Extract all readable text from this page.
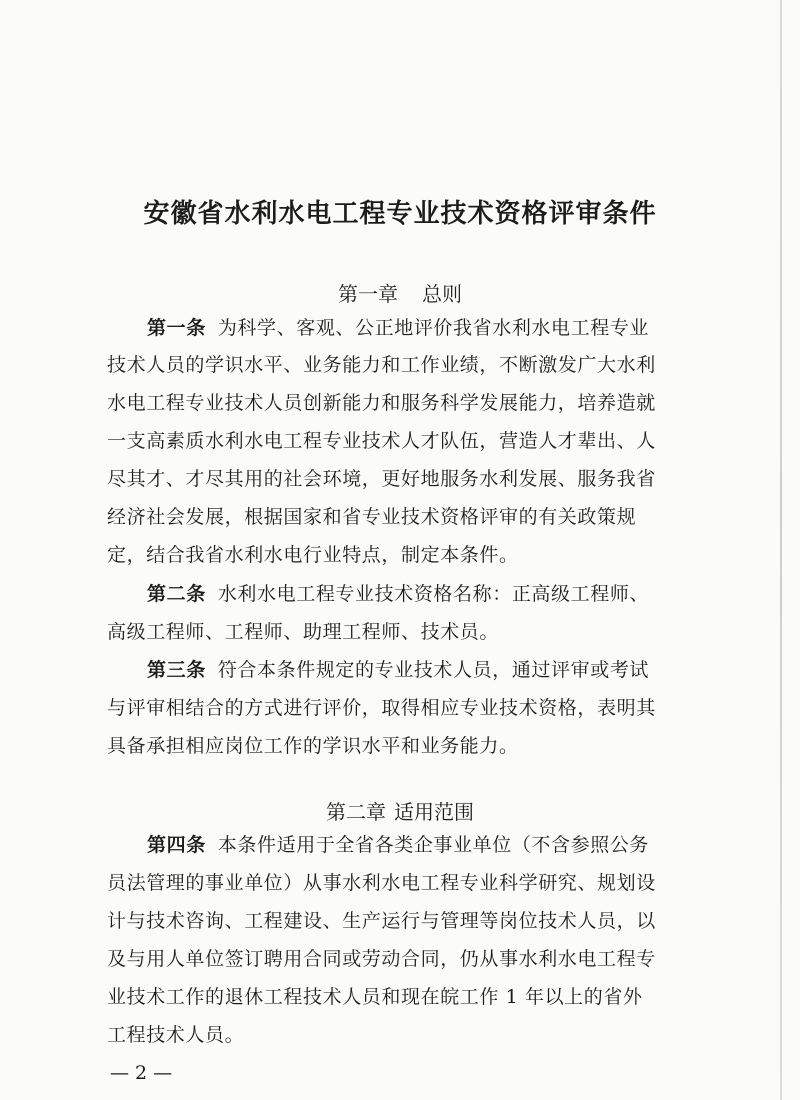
安徽省水利水电工程专业技术资格评审条件
第一章 总则
第一条 为科学、客观、公正地评价我省水利水电工程专业
技术人员的学识水平、业务能力和工作业绩，不断激发广大水利
水电工程专业技术人员创新能力和服务科学发展能力，培养造就
一支高素质水利水电工程专业技术人才队伍，营造人才辈出、人
尽其才、才尽其用的社会环境，更好地服务水利发展、服务我省
经济社会发展，根据国家和省专业技术资格评审的有关政策规
定，结合我省水利水电行业特点，制定本条件。
第二条 水利水电工程专业技术资格名称：正高级工程师、
高级工程师、工程师、助理工程师、技术员。
第三条 符合本条件规定的专业技术人员，通过评审或考试
与评审相结合的方式进行评价，取得相应专业技术资格，表明其
具备承担相应岗位工作的学识水平和业务能力。
第二章 适用范围
第四条 本条件适用于全省各类企事业单位（不含参照公务
员法管理的事业单位）从事水利水电工程专业科学研究、规划设
计与技术咨询、工程建设、生产运行与管理等岗位技术人员，以
及与用人单位签订聘用合同或劳动合同，仍从事水利水电工程专
业技术工作的退休工程技术人员和现在皖工作 1 年以上的省外
工程技术人员。
— 2 —
